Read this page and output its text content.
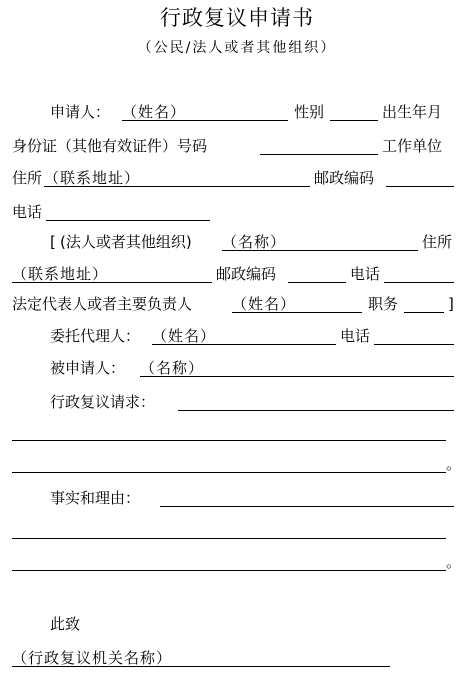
行政复议申请书
（公民/法人或者其他组织）
申请人： （姓名）	性别	出生年月
身份证（其他有效证件）号码	工作单位
住所 （联系地址）	邮政编码
电话
[ (法人或者其他组织) （名称）	住所
（联系地址）	邮政编码	电话
法定代表人或者主要负责人	（姓名）	职务	]
委托代理人： （姓名）	电话
被申请人： （名称）
行政复议请求：
。
事实和理由：
。
此致
（行政复议机关名称）
